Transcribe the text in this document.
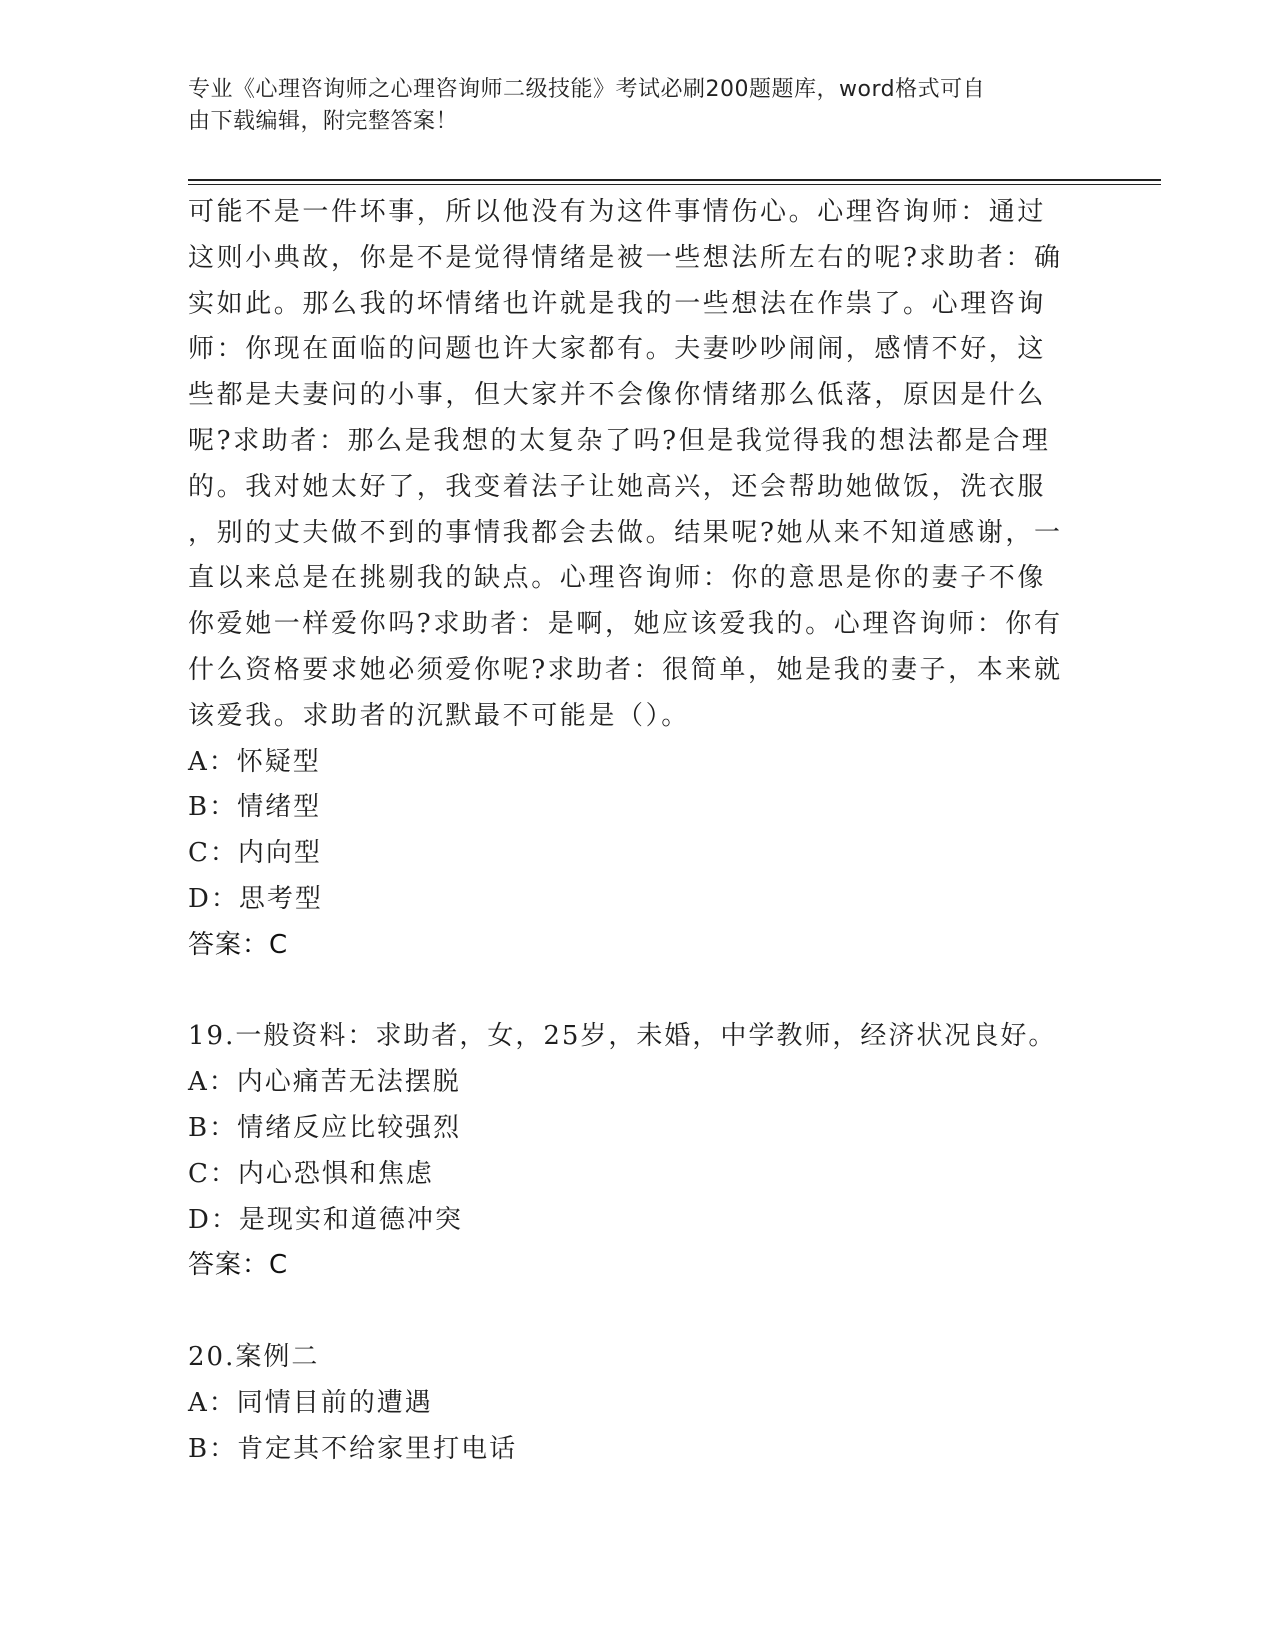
专业《心理咨询师之心理咨询师二级技能》考试必刷200题题库，word格式可自
由下载编辑，附完整答案！
可能不是一件坏事，所以他没有为这件事情伤心。心理咨询师：通过
这则小典故，你是不是觉得情绪是被一些想法所左右的呢?求助者：确
实如此。那么我的坏情绪也许就是我的一些想法在作祟了。心理咨询
师：你现在面临的问题也许大家都有。夫妻吵吵闹闹，感情不好，这
些都是夫妻问的小事，但大家并不会像你情绪那么低落，原因是什么
呢?求助者：那么是我想的太复杂了吗?但是我觉得我的想法都是合理
的。我对她太好了，我变着法子让她高兴，还会帮助她做饭，洗衣服
，别的丈夫做不到的事情我都会去做。结果呢?她从来不知道感谢，一
直以来总是在挑剔我的缺点。心理咨询师：你的意思是你的妻子不像
你爱她一样爱你吗?求助者：是啊，她应该爱我的。心理咨询师：你有
什么资格要求她必须爱你呢?求助者：很简单，她是我的妻子，本来就
该爱我。求助者的沉默最不可能是（）。
A：怀疑型
B：情绪型
C：内向型
D：思考型
答案：C
19.一般资料：求助者，女，25岁，未婚，中学教师，经济状况良好。
A：内心痛苦无法摆脱
B：情绪反应比较强烈
C：内心恐惧和焦虑
D：是现实和道德冲突
答案：C
20.案例二
A：同情目前的遭遇
B：肯定其不给家里打电话
